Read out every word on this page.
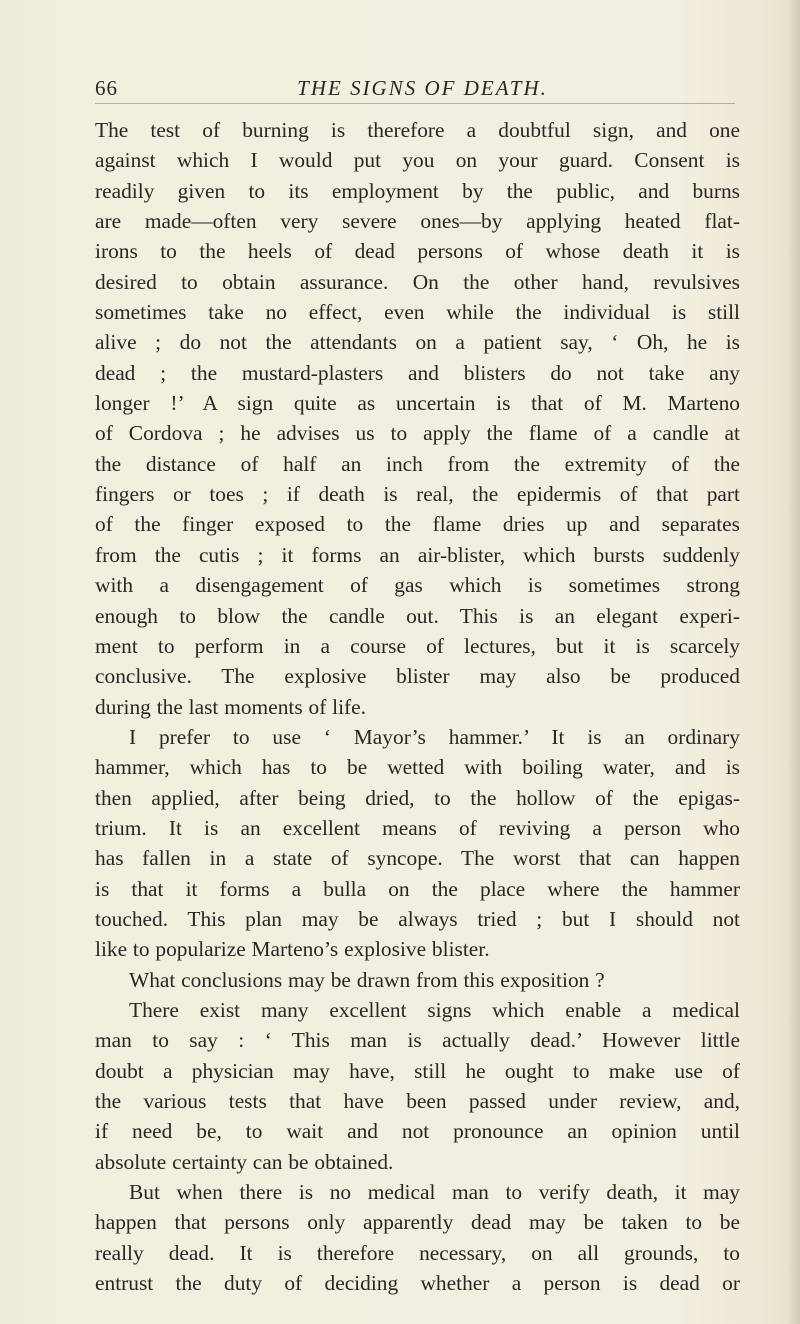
66	THE SIGNS OF DEATH.
The test of burning is therefore a doubtful sign, and one
against which I would put you on your guard. Consent is
readily given to its employment by the public, and burns
are made—often very severe ones—by applying heated flat-
irons to the heels of dead persons of whose death it is
desired to obtain assurance. On the other hand, revulsives
sometimes take no effect, even while the individual is still
alive ; do not the attendants on a patient say, ‘ Oh, he is
dead ; the mustard-plasters and blisters do not take any
longer !’ A sign quite as uncertain is that of M. Marteno
of Cordova ; he advises us to apply the flame of a candle at
the distance of half an inch from the extremity of the
fingers or toes ; if death is real, the epidermis of that part
of the finger exposed to the flame dries up and separates
from the cutis ; it forms an air-blister, which bursts suddenly
with a disengagement of gas which is sometimes strong
enough to blow the candle out. This is an elegant experi-
ment to perform in a course of lectures, but it is scarcely
conclusive. The explosive blister may also be produced
during the last moments of life.
I prefer to use ‘ Mayor’s hammer.’ It is an ordinary
hammer, which has to be wetted with boiling water, and is
then applied, after being dried, to the hollow of the epigas-
trium. It is an excellent means of reviving a person who
has fallen in a state of syncope. The worst that can happen
is that it forms a bulla on the place where the hammer
touched. This plan may be always tried ; but I should not
like to popularize Marteno’s explosive blister.
What conclusions may be drawn from this exposition ?
There exist many excellent signs which enable a medical
man to say : ‘ This man is actually dead.’ However little
doubt a physician may have, still he ought to make use of
the various tests that have been passed under review, and,
if need be, to wait and not pronounce an opinion until
absolute certainty can be obtained.
But when there is no medical man to verify death, it may
happen that persons only apparently dead may be taken to be
really dead. It is therefore necessary, on all grounds, to
entrust the duty of deciding whether a person is dead or
